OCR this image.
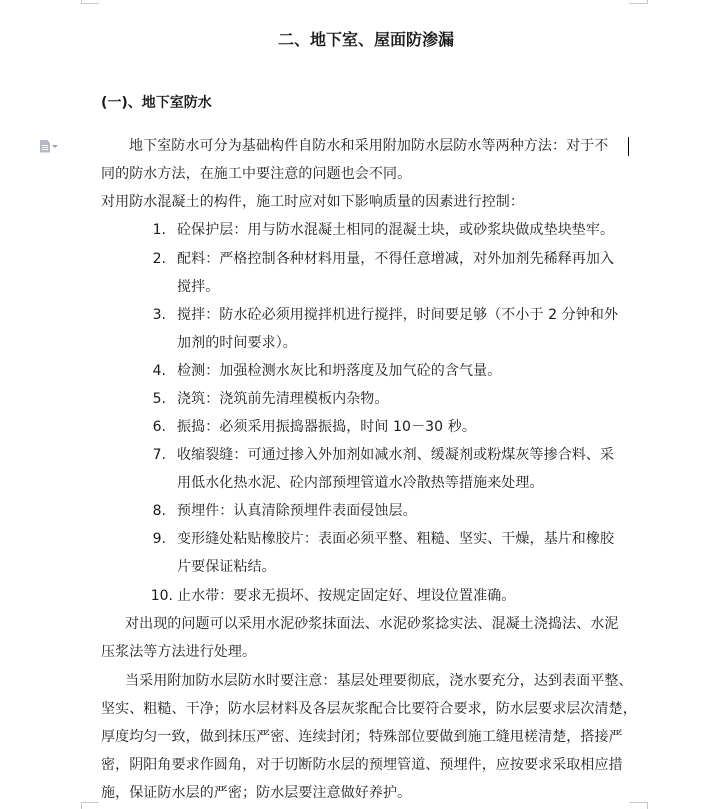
二、地下室、屋面防渗漏
(一)、地下室防水
地下室防水可分为基础构件自防水和采用附加防水层防水等两种方法：对于不
同的防水方法，在施工中要注意的问题也会不同。
对用防水混凝土的构件，施工时应对如下影响质量的因素进行控制：
1. 砼保护层：用与防水混凝土相同的混凝土块，或砂浆块做成垫块垫牢。
2. 配料：严格控制各种材料用量，不得任意增减，对外加剂先稀释再加入
搅拌。
3. 搅拌：防水砼必须用搅拌机进行搅拌，时间要足够（不小于 2 分钟和外
加剂的时间要求）。
4. 检测：加强检测水灰比和坍落度及加气砼的含气量。
5. 浇筑：浇筑前先清理模板内杂物。
6. 振捣：必须采用振捣器振捣，时间 10－30 秒。
7. 收缩裂缝：可通过掺入外加剂如减水剂、缓凝剂或粉煤灰等掺合料、采
用低水化热水泥、砼内部预埋管道水冷散热等措施来处理。
8. 预埋件：认真清除预埋件表面侵蚀层。
9. 变形缝处粘贴橡胶片：表面必须平整、粗糙、坚实、干燥，基片和橡胶
片要保证粘结。
10. 止水带：要求无损坏、按规定固定好、埋设位置准确。
对出现的问题可以采用水泥砂浆抹面法、水泥砂浆捻实法、混凝土浇捣法、水泥
压浆法等方法进行处理。
当采用附加防水层防水时要注意：基层处理要彻底，浇水要充分，达到表面平整、
坚实、粗糙、干净；防水层材料及各层灰浆配合比要符合要求，防水层要求层次清楚，
厚度均匀一致，做到抹压严密、连续封闭；特殊部位要做到施工缝甩槎清楚，搭接严
密，阴阳角要求作圆角，对于切断防水层的预埋管道、预埋件，应按要求采取相应措
施，保证防水层的严密；防水层要注意做好养护。
